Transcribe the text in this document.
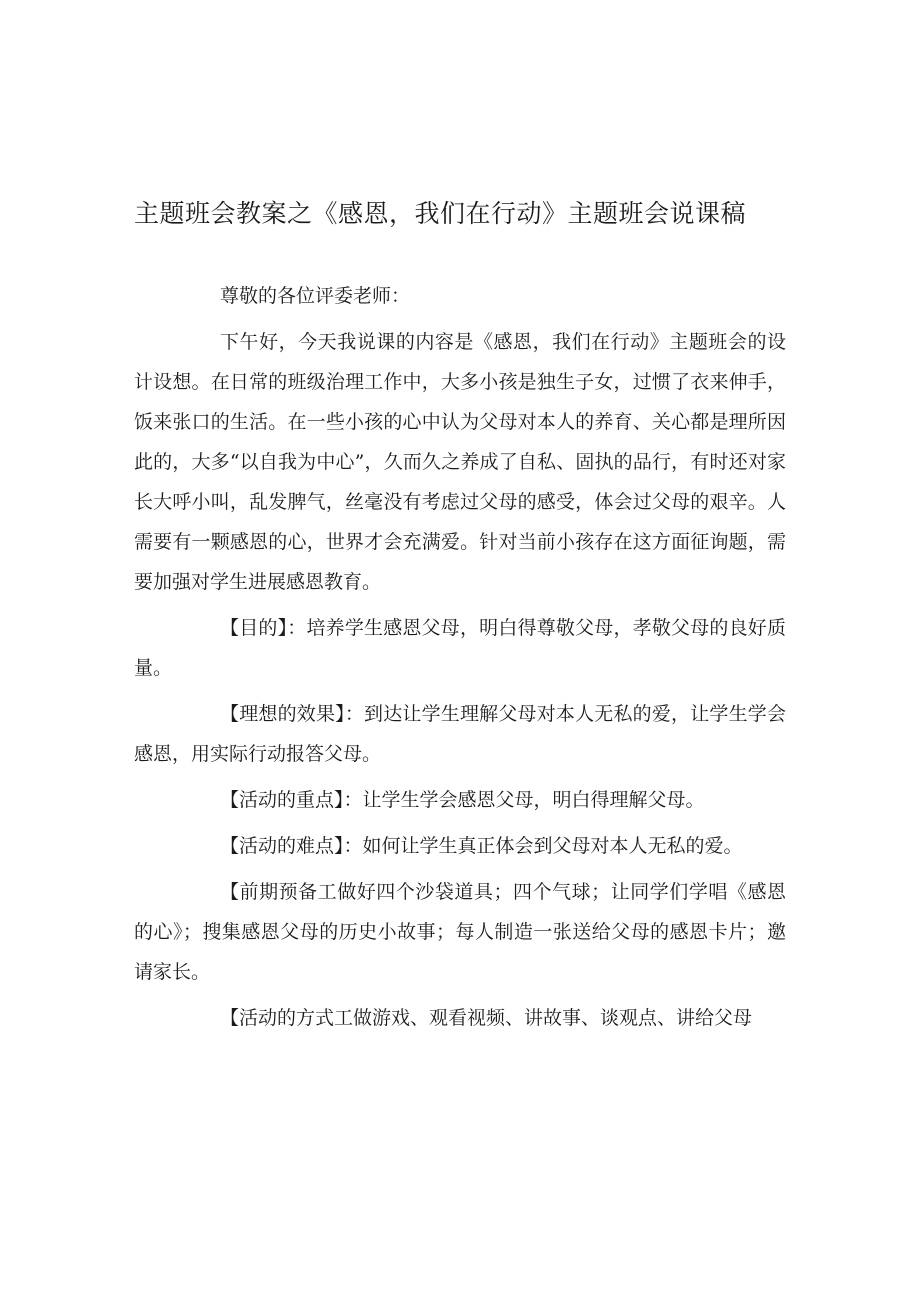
主题班会教案之《感恩，我们在行动》主题班会说课稿

尊敬的各位评委老师：

下午好，今天我说课的内容是《感恩，我们在行动》主题班会的设计设想。在日常的班级治理工作中，大多小孩是独生子女，过惯了衣来伸手，饭来张口的生活。在一些小孩的心中认为父母对本人的养育、关心都是理所因此的，大多“以自我为中心”，久而久之养成了自私、固执的品行，有时还对家长大呼小叫，乱发脾气，丝毫没有考虑过父母的感受，体会过父母的艰辛。人需要有一颗感恩的心，世界才会充满爱。针对当前小孩存在这方面征询题，需要加强对学生进展感恩教育。

【目的】：培养学生感恩父母，明白得尊敬父母，孝敬父母的良好质量。

【理想的效果】：到达让学生理解父母对本人无私的爱，让学生学会感恩，用实际行动报答父母。

【活动的重点】：让学生学会感恩父母，明白得理解父母。

【活动的难点】：如何让学生真正体会到父母对本人无私的爱。

【前期预备工做好四个沙袋道具；四个气球；让同学们学唱《感恩的心》；搜集感恩父母的历史小故事；每人制造一张送给父母的感恩卡片；邀请家长。

【活动的方式工做游戏、观看视频、讲故事、谈观点、讲给父母
